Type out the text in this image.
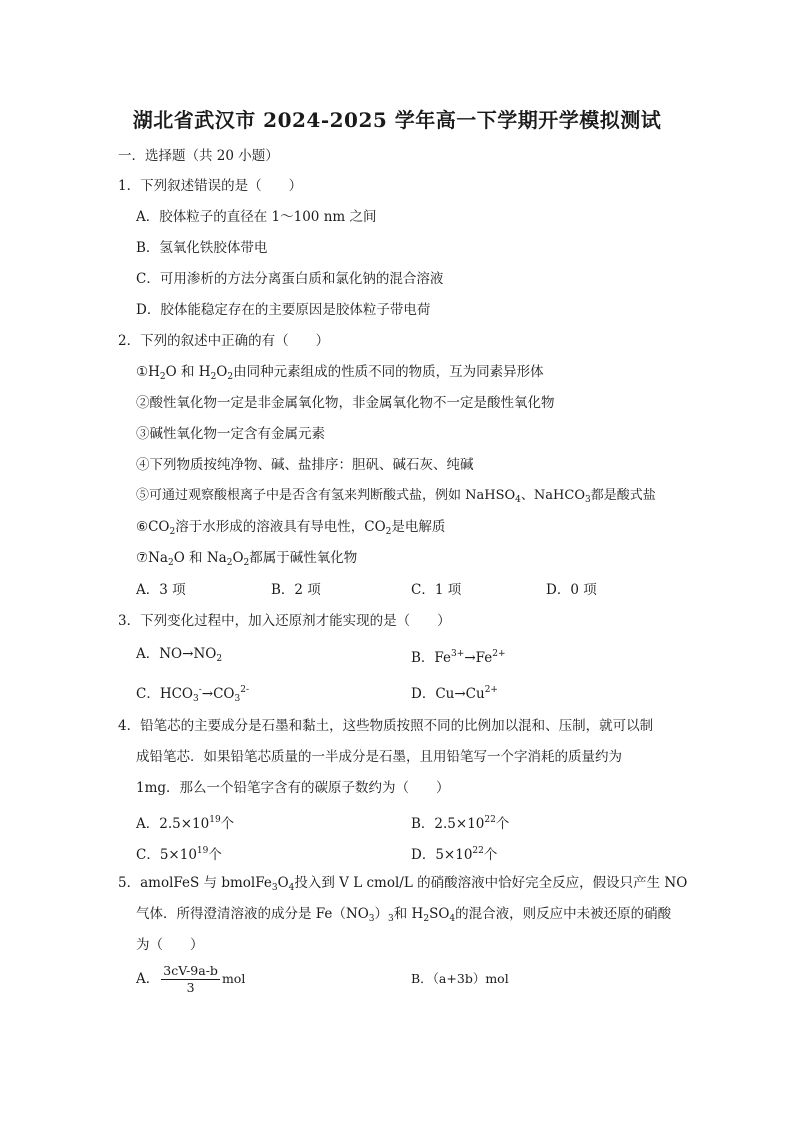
湖北省武汉市 2024-2025 学年高一下学期开学模拟测试
一．选择题（共 20 小题）
1．下列叙述错误的是（　　）
A．胶体粒子的直径在 1～100 nm 之间
B．氢氧化铁胶体带电
C．可用渗析的方法分离蛋白质和氯化钠的混合溶液
D．胶体能稳定存在的主要原因是胶体粒子带电荷
2．下列的叙述中正确的有（　　）
$①H_2O$ 和 $H_2O_2$由同种元素组成的性质不同的物质，互为同素异形体
②酸性氧化物一定是非金属氧化物，非金属氧化物不一定是酸性氧化物
③碱性氧化物一定含有金属元素
④下列物质按纯净物、碱、盐排序：胆矾、碱石灰、纯碱
⑤可通过观察酸根离子中是否含有氢来判断酸式盐，例如 NaHSO$_4$、NaHCO$_3$都是酸式盐
$⑥CO_2$溶于水形成的溶液具有导电性，$CO_2$是电解质
$⑦Na_2O$ 和 $Na_2O_2$都属于碱性氧化物
A．3 项	B．2 项	C．1 项	D．0 项
3．下列变化过程中，加入还原剂才能实现的是（　　）
A．$NO\to NO_2$	B．$Fe^{3+}\to Fe^{2+}$
C．$HCO_3^-\to CO_3^{2-}$	D．$Cu\to Cu^{2+}$
4．铅笔芯的主要成分是石墨和黏土，这些物质按照不同的比例加以混和、压制，就可以制
成铅笔芯．如果铅笔芯质量的一半成分是石墨，且用铅笔写一个字消耗的质量约为
1mg．那么一个铅笔字含有的碳原子数约为（　　）
A．$2.5\times 10^{19}$个	B．$2.5\times 10^{22}$个
C．$5\times 10^{19}$个	D．$5\times 10^{22}$个
5．amolFeS 与 $bmolFe_3O_4$投入到 V L cmol/L 的硝酸溶液中恰好完全反应，假设只产生 NO
气体．所得澄清溶液的成分是 $Fe(NO_3)_3$和 $H_2SO_4$的混合液，则反应中未被还原的硝酸
为（　　）
A． $\frac{3cV-9a-b}{3}$ mol	B．（a+3b）mol
